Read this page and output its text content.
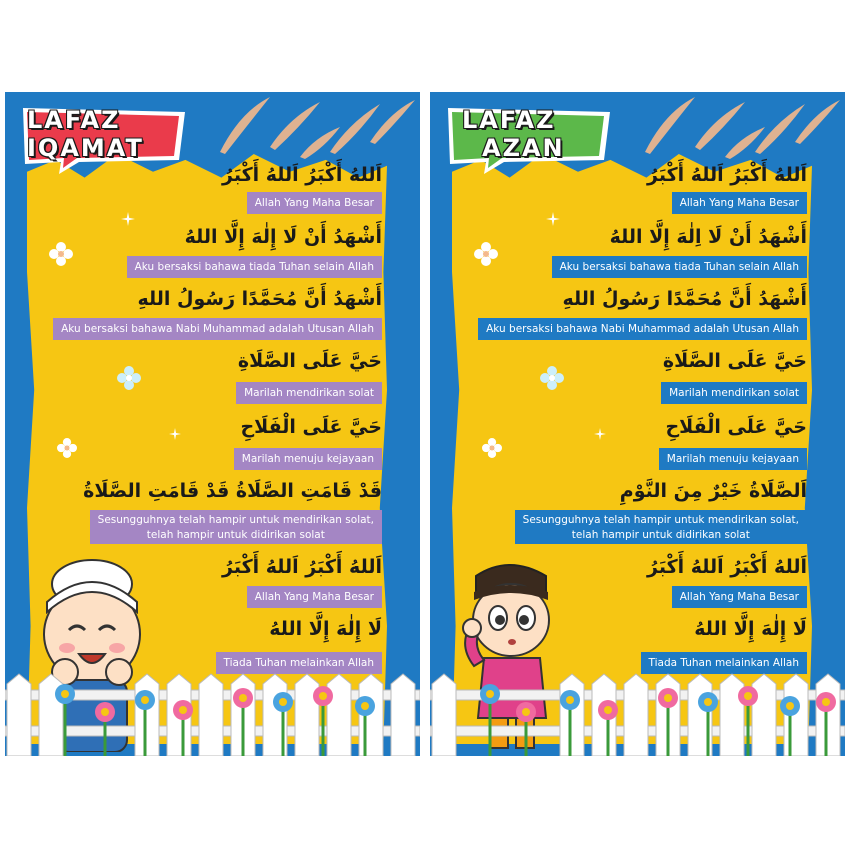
LAFAZ
IQAMAT
اَللهُ أَكْبَرُ اَللهُ أَكْبَرُ
Allah Yang Maha Besar
أَشْهَدُ أَنْ لَا إِلٰهَ إِلَّا اللهُ
Aku bersaksi bahawa tiada Tuhan selain Allah
أَشْهَدُ أَنَّ مُحَمَّدًا رَسُولُ اللهِ
Aku bersaksi bahawa Nabi Muhammad adalah Utusan Allah
حَيَّ عَلَى الصَّلَاةِ
Marilah mendirikan solat
حَيَّ عَلَى الْفَلَاحِ
Marilah menuju kejayaan
قَدْ قَامَتِ الصَّلَاةُ قَدْ قَامَتِ الصَّلَاةُ
Sesungguhnya telah hampir untuk mendirikan solat,
telah hampir untuk didirikan solat
اَللهُ أَكْبَرُ اَللهُ أَكْبَرُ
Allah Yang Maha Besar
لَا إِلٰهَ إِلَّا اللهُ
Tiada Tuhan melainkan Allah
LAFAZ
AZAN
اَللهُ أَكْبَرُ اَللهُ أَكْبَرُ
Allah Yang Maha Besar
أَشْهَدُ أَنْ لَا اِلٰهَ إِلَّا اللهُ
Aku bersaksi bahawa tiada Tuhan selain Allah
أَشْهَدُ أَنَّ مُحَمَّدًا رَسُولُ اللهِ
Aku bersaksi bahawa Nabi Muhammad adalah Utusan Allah
حَيَّ عَلَى الصَّلَاةِ
Marilah mendirikan solat
حَيَّ عَلَى الْفَلَاحِ
Marilah menuju kejayaan
اَلصَّلَاةُ خَيْرٌ مِنَ النَّوْمِ
Sesungguhnya telah hampir untuk mendirikan solat,
telah hampir untuk didirikan solat
اَللهُ أَكْبَرُ اَللهُ أَكْبَرُ
Allah Yang Maha Besar
لَا إِلٰهَ إِلَّا اللهُ
Tiada Tuhan melainkan Allah
